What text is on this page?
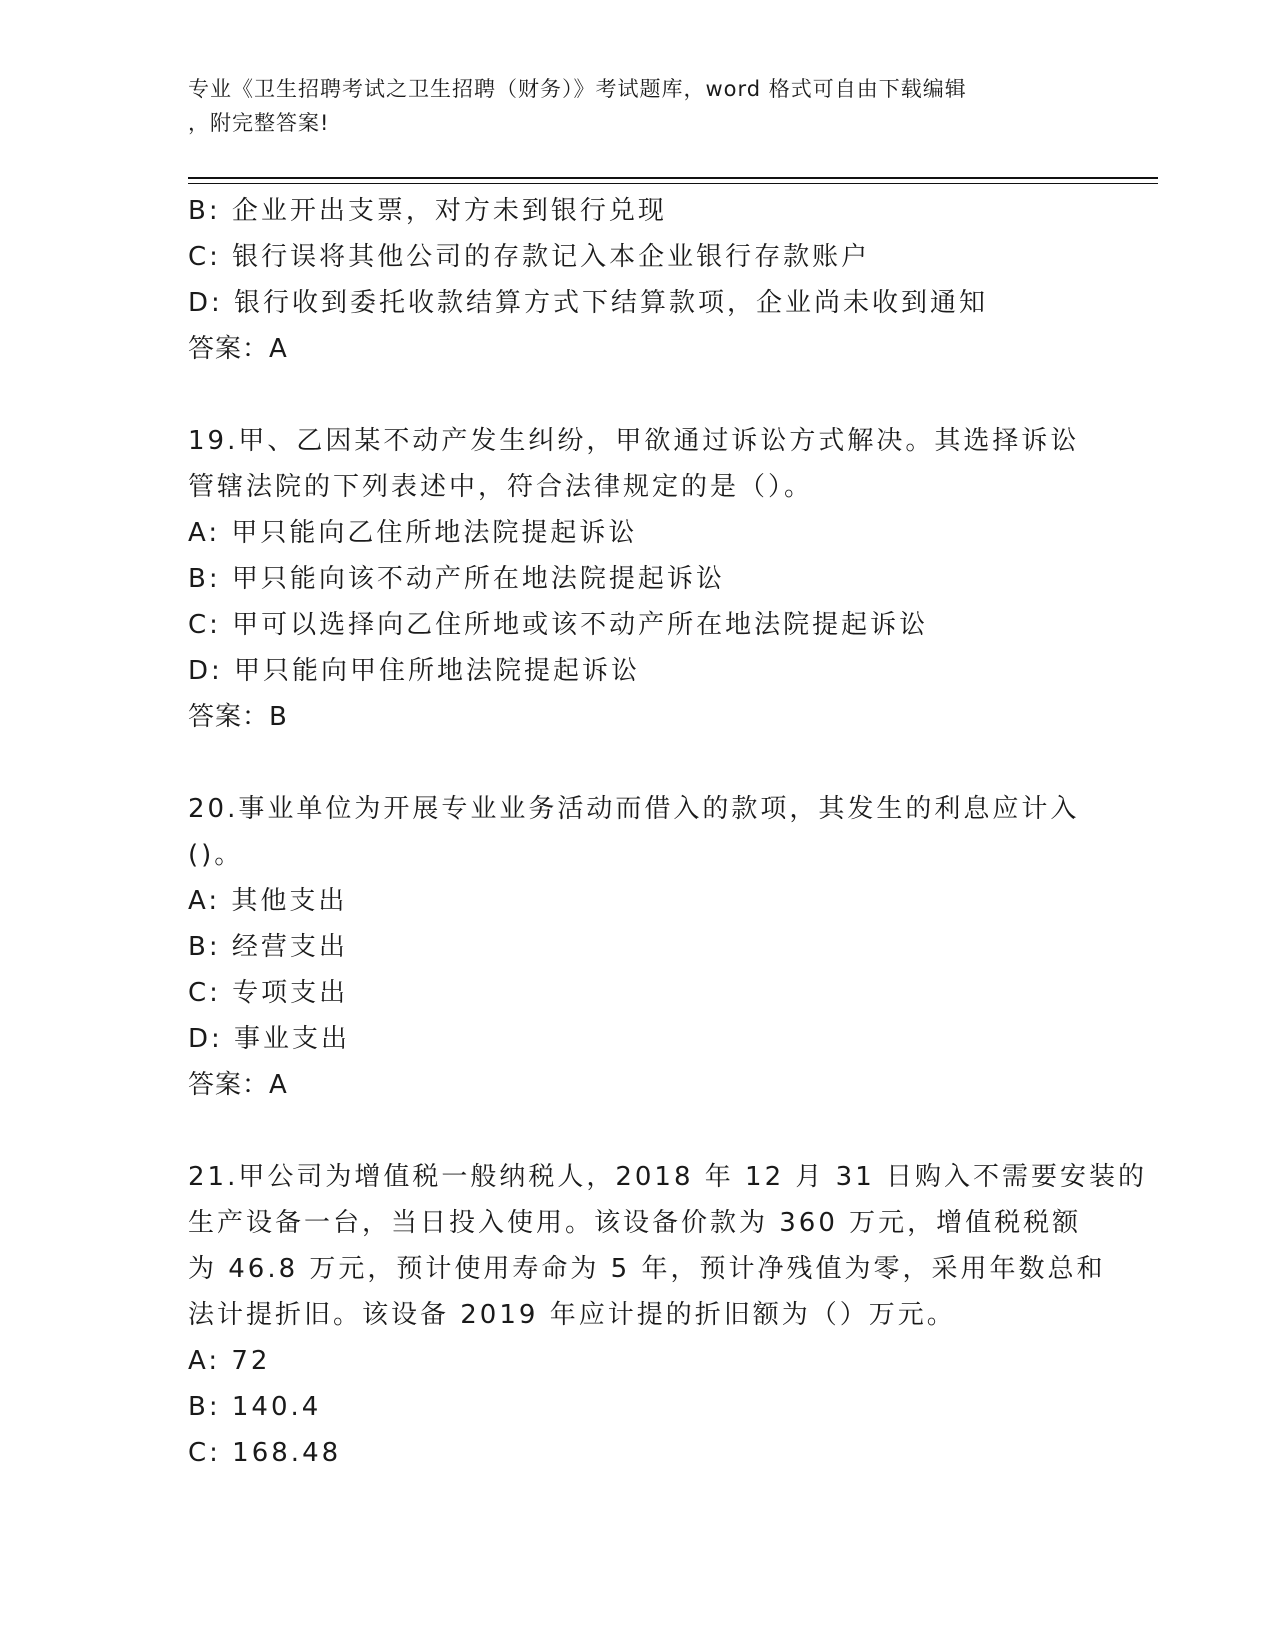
专业《卫生招聘考试之卫生招聘（财务）》考试题库，word 格式可自由下载编辑
，附完整答案!
B: 企业开出支票，对方未到银行兑现
C: 银行误将其他公司的存款记入本企业银行存款账户
D: 银行收到委托收款结算方式下结算款项，企业尚未收到通知
答案：A
19.甲、乙因某不动产发生纠纷，甲欲通过诉讼方式解决。其选择诉讼
管辖法院的下列表述中，符合法律规定的是（）。
A: 甲只能向乙住所地法院提起诉讼
B: 甲只能向该不动产所在地法院提起诉讼
C: 甲可以选择向乙住所地或该不动产所在地法院提起诉讼
D: 甲只能向甲住所地法院提起诉讼
答案：B
20.事业单位为开展专业业务活动而借入的款项，其发生的利息应计入
()。
A: 其他支出
B: 经营支出
C: 专项支出
D: 事业支出
答案：A
21.甲公司为增值税一般纳税人，2018 年 12 月 31 日购入不需要安装的
生产设备一台，当日投入使用。该设备价款为 360 万元，增值税税额
为 46.8 万元，预计使用寿命为 5 年，预计净残值为零，采用年数总和
法计提折旧。该设备 2019 年应计提的折旧额为（）万元。
A: 72
B: 140.4
C: 168.48
